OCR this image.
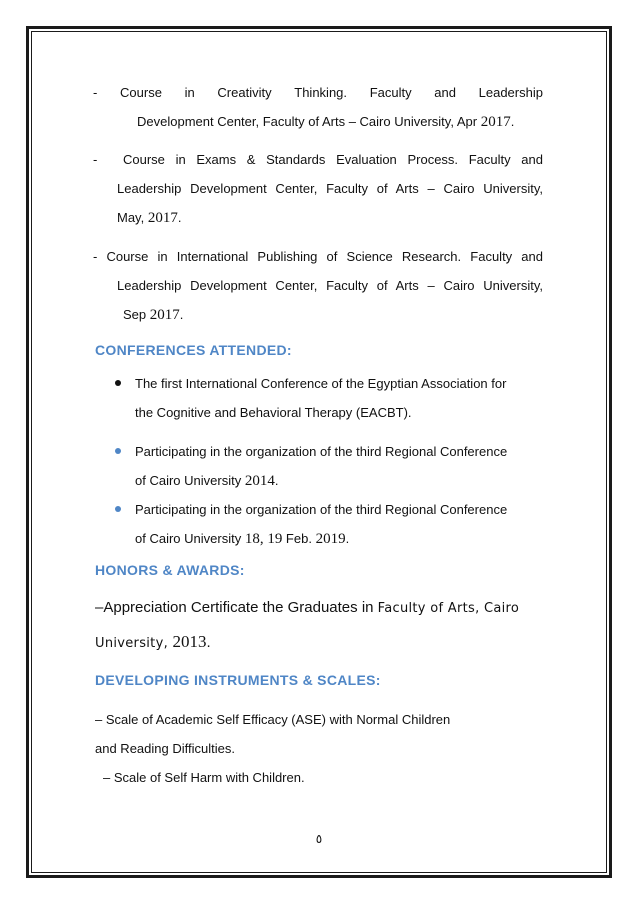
- Course in Creativity Thinking. Faculty and Leadership
Development Center, Faculty of Arts – Cairo University, Apr 2017.
-	Course in Exams & Standards Evaluation Process. Faculty and
Leadership Development Center, Faculty of Arts – Cairo University,
May, 2017.
- Course in International Publishing of Science Research. Faculty and
Leadership Development Center, Faculty of Arts – Cairo University,
Sep 2017.
CONFERENCES ATTENDED:
The first International Conference of the Egyptian Association for
the Cognitive and Behavioral Therapy (EACBT).
Participating in the organization of the third Regional Conference
of Cairo University 2014.
Participating in the organization of the third Regional Conference
of Cairo University 18, 19 Feb. 2019.
HONORS & AWARDS:
–Appreciation Certificate the Graduates in Faculty of Arts, Cairo
University, 2013.
DEVELOPING INSTRUMENTS & SCALES:
– Scale of Academic Self Efficacy (ASE) with Normal Children
and Reading Difficulties.
– Scale of Self Harm with Children.
٥
